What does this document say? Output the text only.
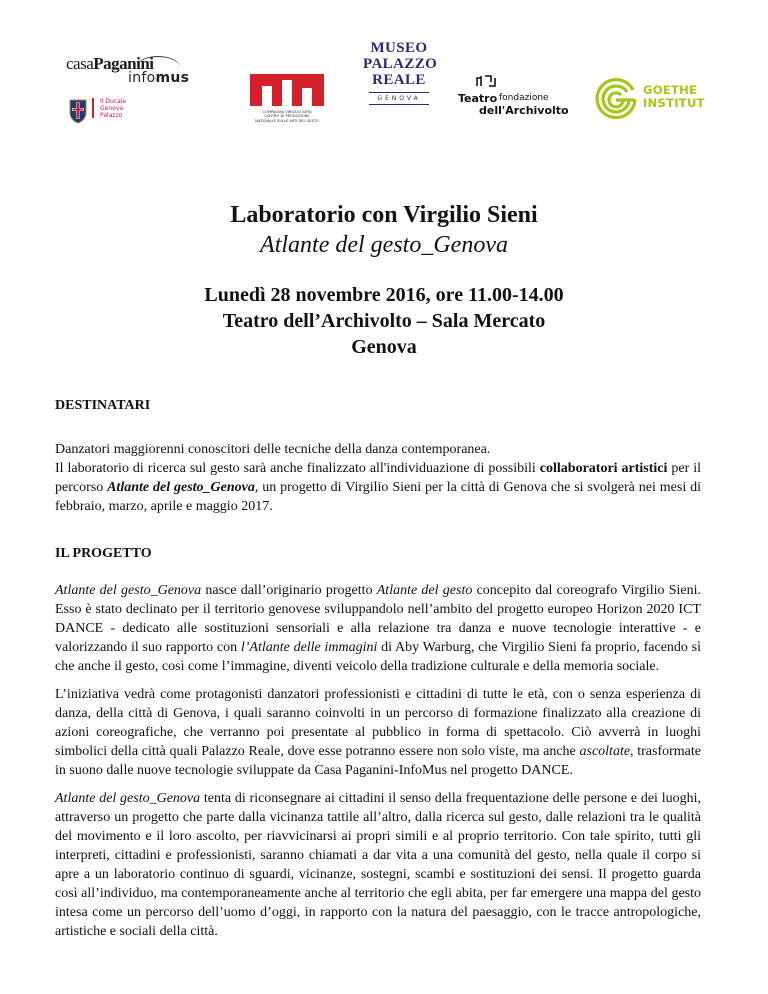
casaPaganini
infomus
Il Ducale
Genova
Palazzo	COMPAGNIA VIRGILIO SIENI
CENTRO DI PRODUZIONE
NAZIONALE SULLE ARTI DEL GESTO
MUSEO
PALAZZO
REALE
GENOVA	Teatro fondazione
dell'Archivolto
GOETHE
INSTITUT
Laboratorio con Virgilio Sieni
Atlante del gesto_Genova
Lunedì 28 novembre 2016, ore 11.00-14.00
Teatro dell’Archivolto – Sala Mercato
Genova
DESTINATARI

Danzatori maggiorenni conoscitori delle tecniche della danza contemporanea.

Il laboratorio di ricerca sul gesto sarà anche finalizzato all'individuazione di possibili collaboratori artistici per il percorso Atlante del gesto_Genova, un progetto di Virgilio Sieni per la città di Genova che si svolgerà nei mesi di febbraio, marzo, aprile e maggio 2017.

IL PROGETTO

Atlante del gesto_Genova nasce dall’originario progetto Atlante del gesto concepito dal coreografo Virgilio Sieni. Esso è stato declinato per il territorio genovese sviluppandolo nell’ambito del progetto europeo Horizon 2020 ICT DANCE - dedicato alle sostituzioni sensoriali e alla relazione tra danza e nuove tecnologie interattive - e valorizzando il suo rapporto con l’Atlante delle immagini di Aby Warburg, che Virgilio Sieni fa proprio, facendo sì che anche il gesto, così come l’immagine, diventi veicolo della tradizione culturale e della memoria sociale.

L’iniziativa vedrà come protagonisti danzatori professionisti e cittadini di tutte le età, con o senza esperienza di danza, della città di Genova, i quali saranno coinvolti in un percorso di formazione finalizzato alla creazione di azioni coreografiche, che verranno poi presentate al pubblico in forma di spettacolo. Ciò avverrà in luoghi simbolici della città quali Palazzo Reale, dove esse potranno essere non solo viste, ma anche ascoltate, trasformate in suono dalle nuove tecnologie sviluppate da Casa Paganini-InfoMus nel progetto DANCE.

Atlante del gesto_Genova tenta di riconsegnare ai cittadini il senso della frequentazione delle persone e dei luoghi, attraverso un progetto che parte dalla vicinanza tattile all’altro, dalla ricerca sul gesto, dalle relazioni tra le qualità del movimento e il loro ascolto, per riavvicinarsi ai propri simili e al proprio territorio. Con tale spirito, tutti gli interpreti, cittadini e professionisti, saranno chiamati a dar vita a una comunità del gesto, nella quale il corpo si apre a un laboratorio continuo di sguardi, vicinanze, sostegni, scambi e sostituzioni dei sensi. Il progetto guarda così all’individuo, ma contemporaneamente anche al territorio che egli abita, per far emergere una mappa del gesto intesa come un percorso dell’uomo d’oggi, in rapporto con la natura del paesaggio, con le tracce antropologiche, artistiche e sociali della città.
